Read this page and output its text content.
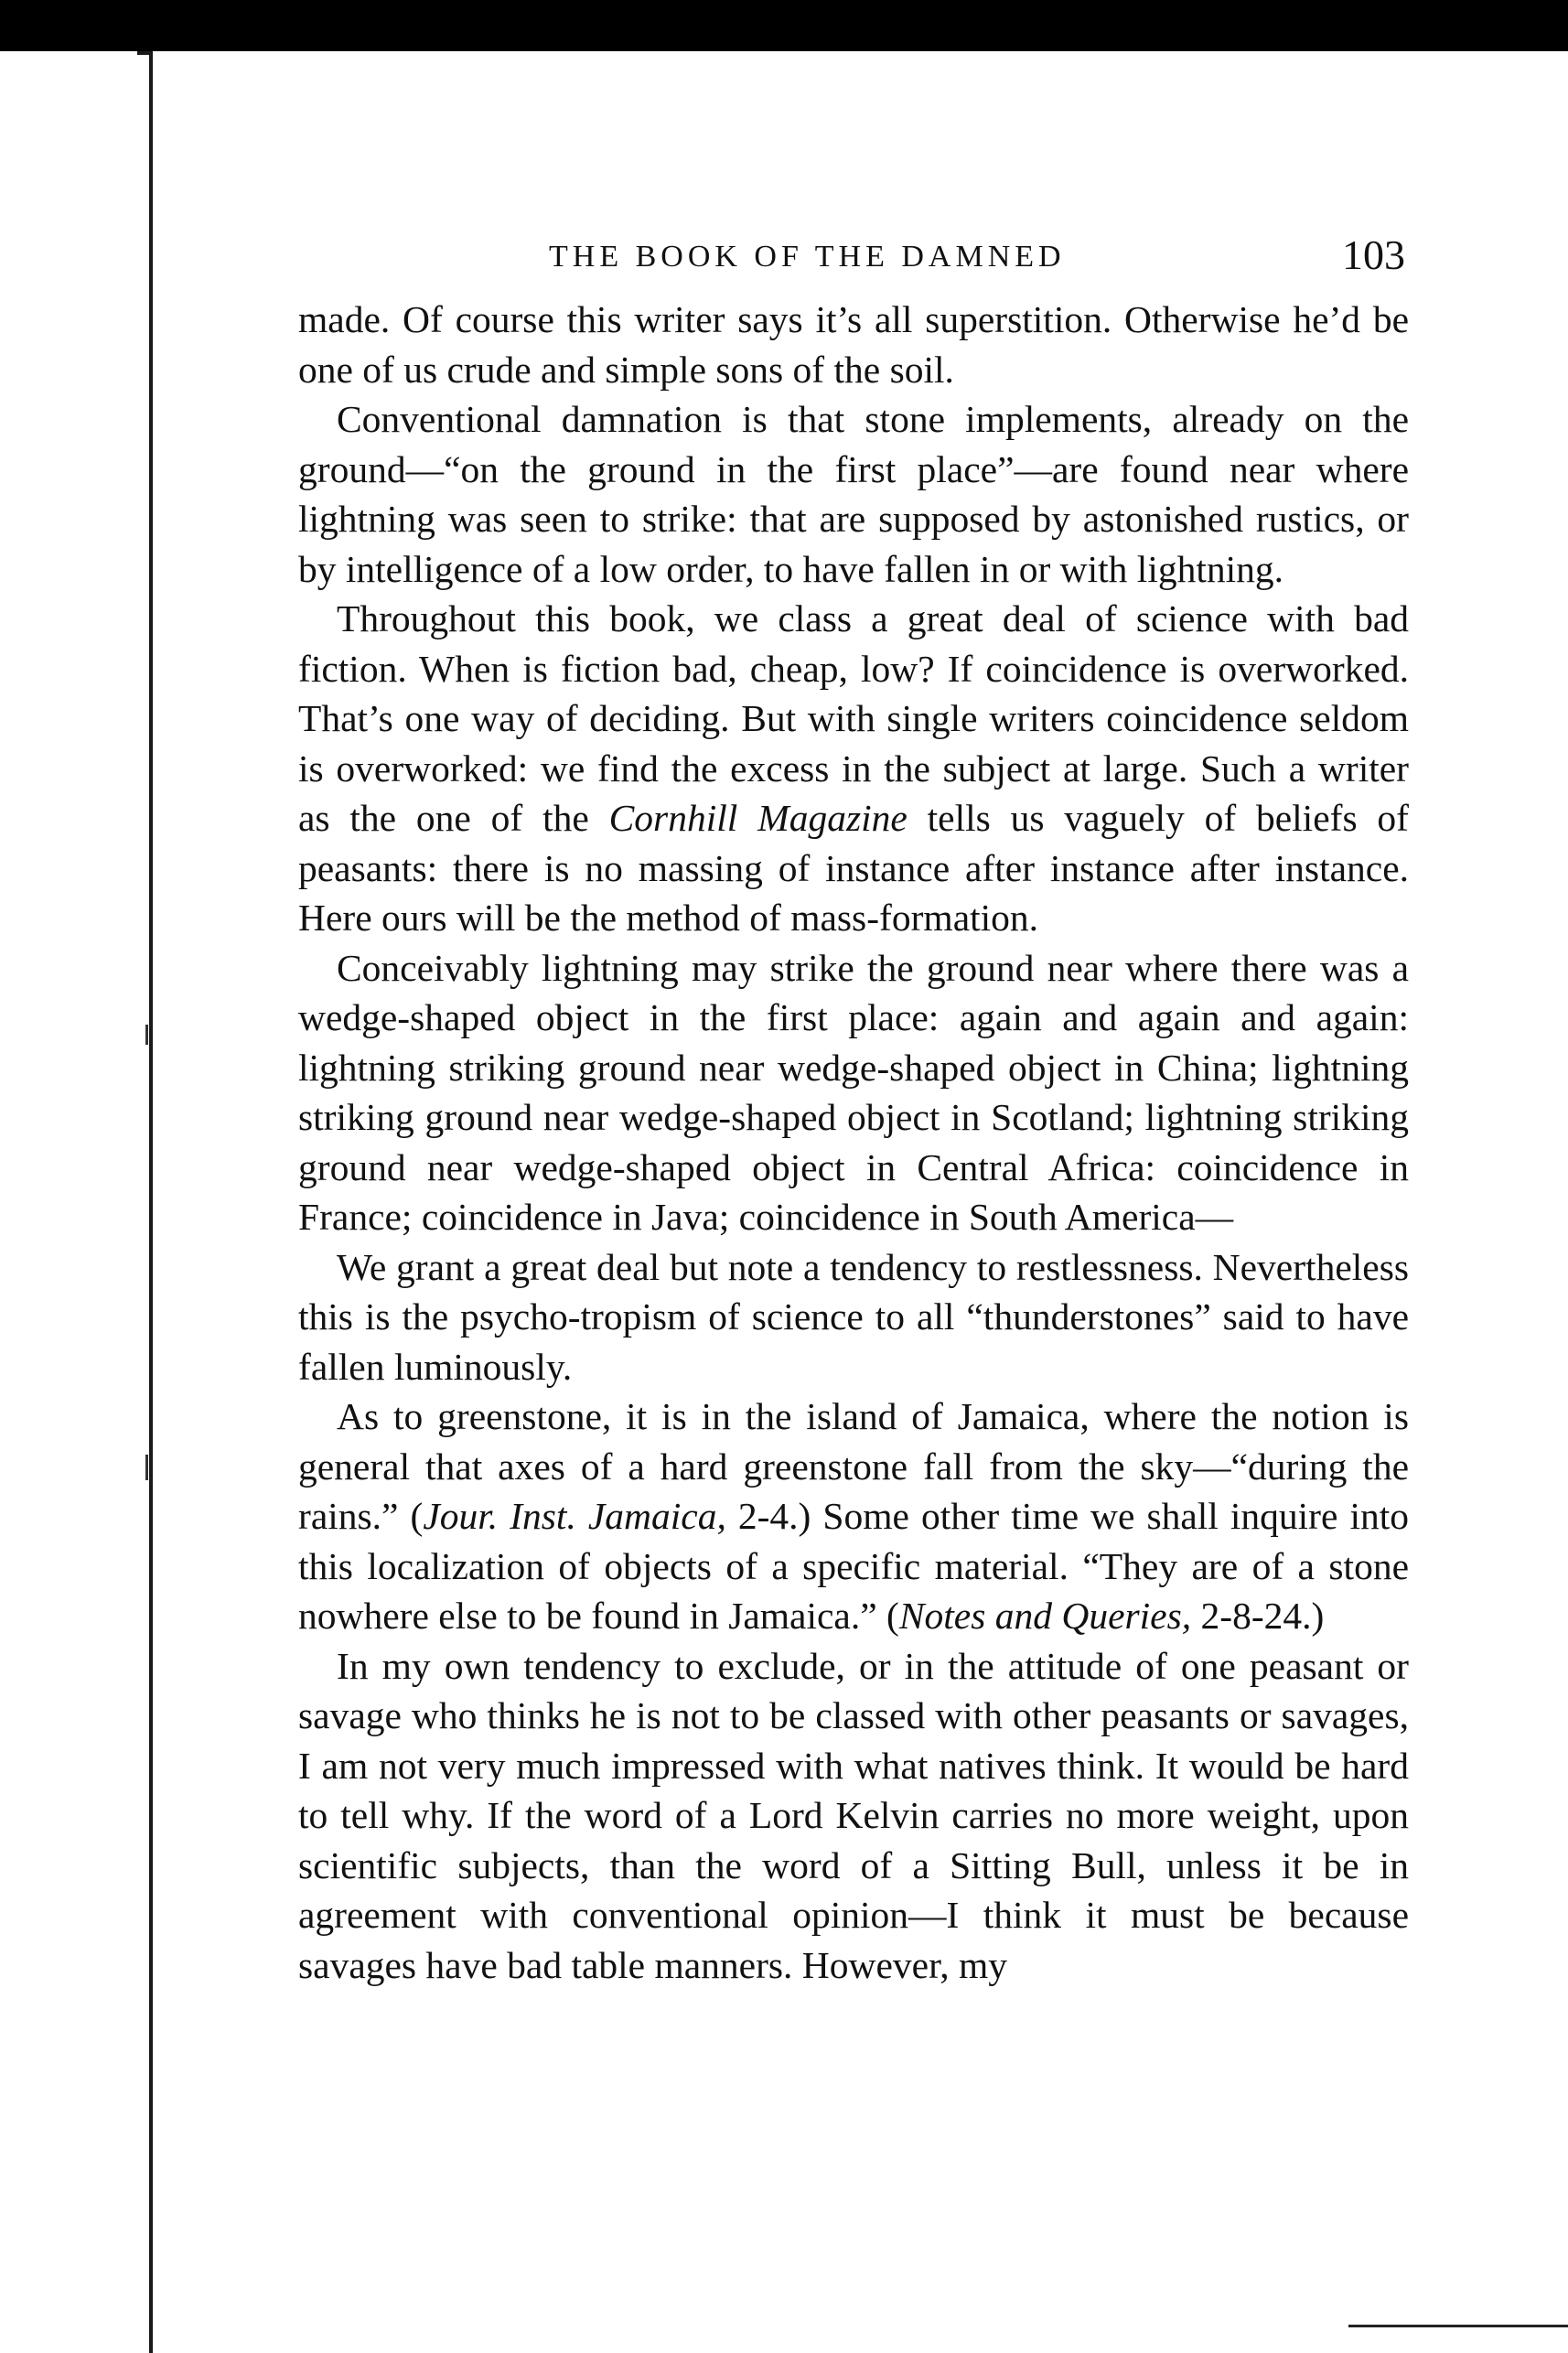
THE BOOK OF THE DAMNED	103

made. Of course this writer says it’s all superstition. Otherwise he’d be one of us crude and simple sons of the soil.

Conventional damnation is that stone implements, already on the ground—“on the ground in the first place”—are found near where lightning was seen to strike: that are supposed by astonished rustics, or by intelligence of a low order, to have fallen in or with lightning.

Throughout this book, we class a great deal of science with bad fiction. When is fiction bad, cheap, low? If coincidence is overworked. That’s one way of deciding. But with single writers coincidence seldom is overworked: we find the excess in the subject at large. Such a writer as the one of the Cornhill Magazine tells us vaguely of beliefs of peasants: there is no massing of instance after instance after instance. Here ours will be the method of mass-formation.

Conceivably lightning may strike the ground near where there was a wedge-shaped object in the first place: again and again and again: lightning striking ground near wedge-shaped object in China; lightning striking ground near wedge-shaped object in Scotland; lightning striking ground near wedge-shaped object in Central Africa: coincidence in France; coincidence in Java; coincidence in South America—

We grant a great deal but note a tendency to restlessness. Nevertheless this is the psycho-tropism of science to all “thunderstones” said to have fallen luminously.

As to greenstone, it is in the island of Jamaica, where the notion is general that axes of a hard greenstone fall from the sky—“during the rains.” (Jour. Inst. Jamaica, 2-4.) Some other time we shall inquire into this localization of objects of a specific material. “They are of a stone nowhere else to be found in Jamaica.” (Notes and Queries, 2-8-24.)

In my own tendency to exclude, or in the attitude of one peasant or savage who thinks he is not to be classed with other peasants or savages, I am not very much impressed with what natives think. It would be hard to tell why. If the word of a Lord Kelvin carries no more weight, upon scientific subjects, than the word of a Sitting Bull, unless it be in agreement with conventional opinion—I think it must be because savages have bad table manners. However, my
